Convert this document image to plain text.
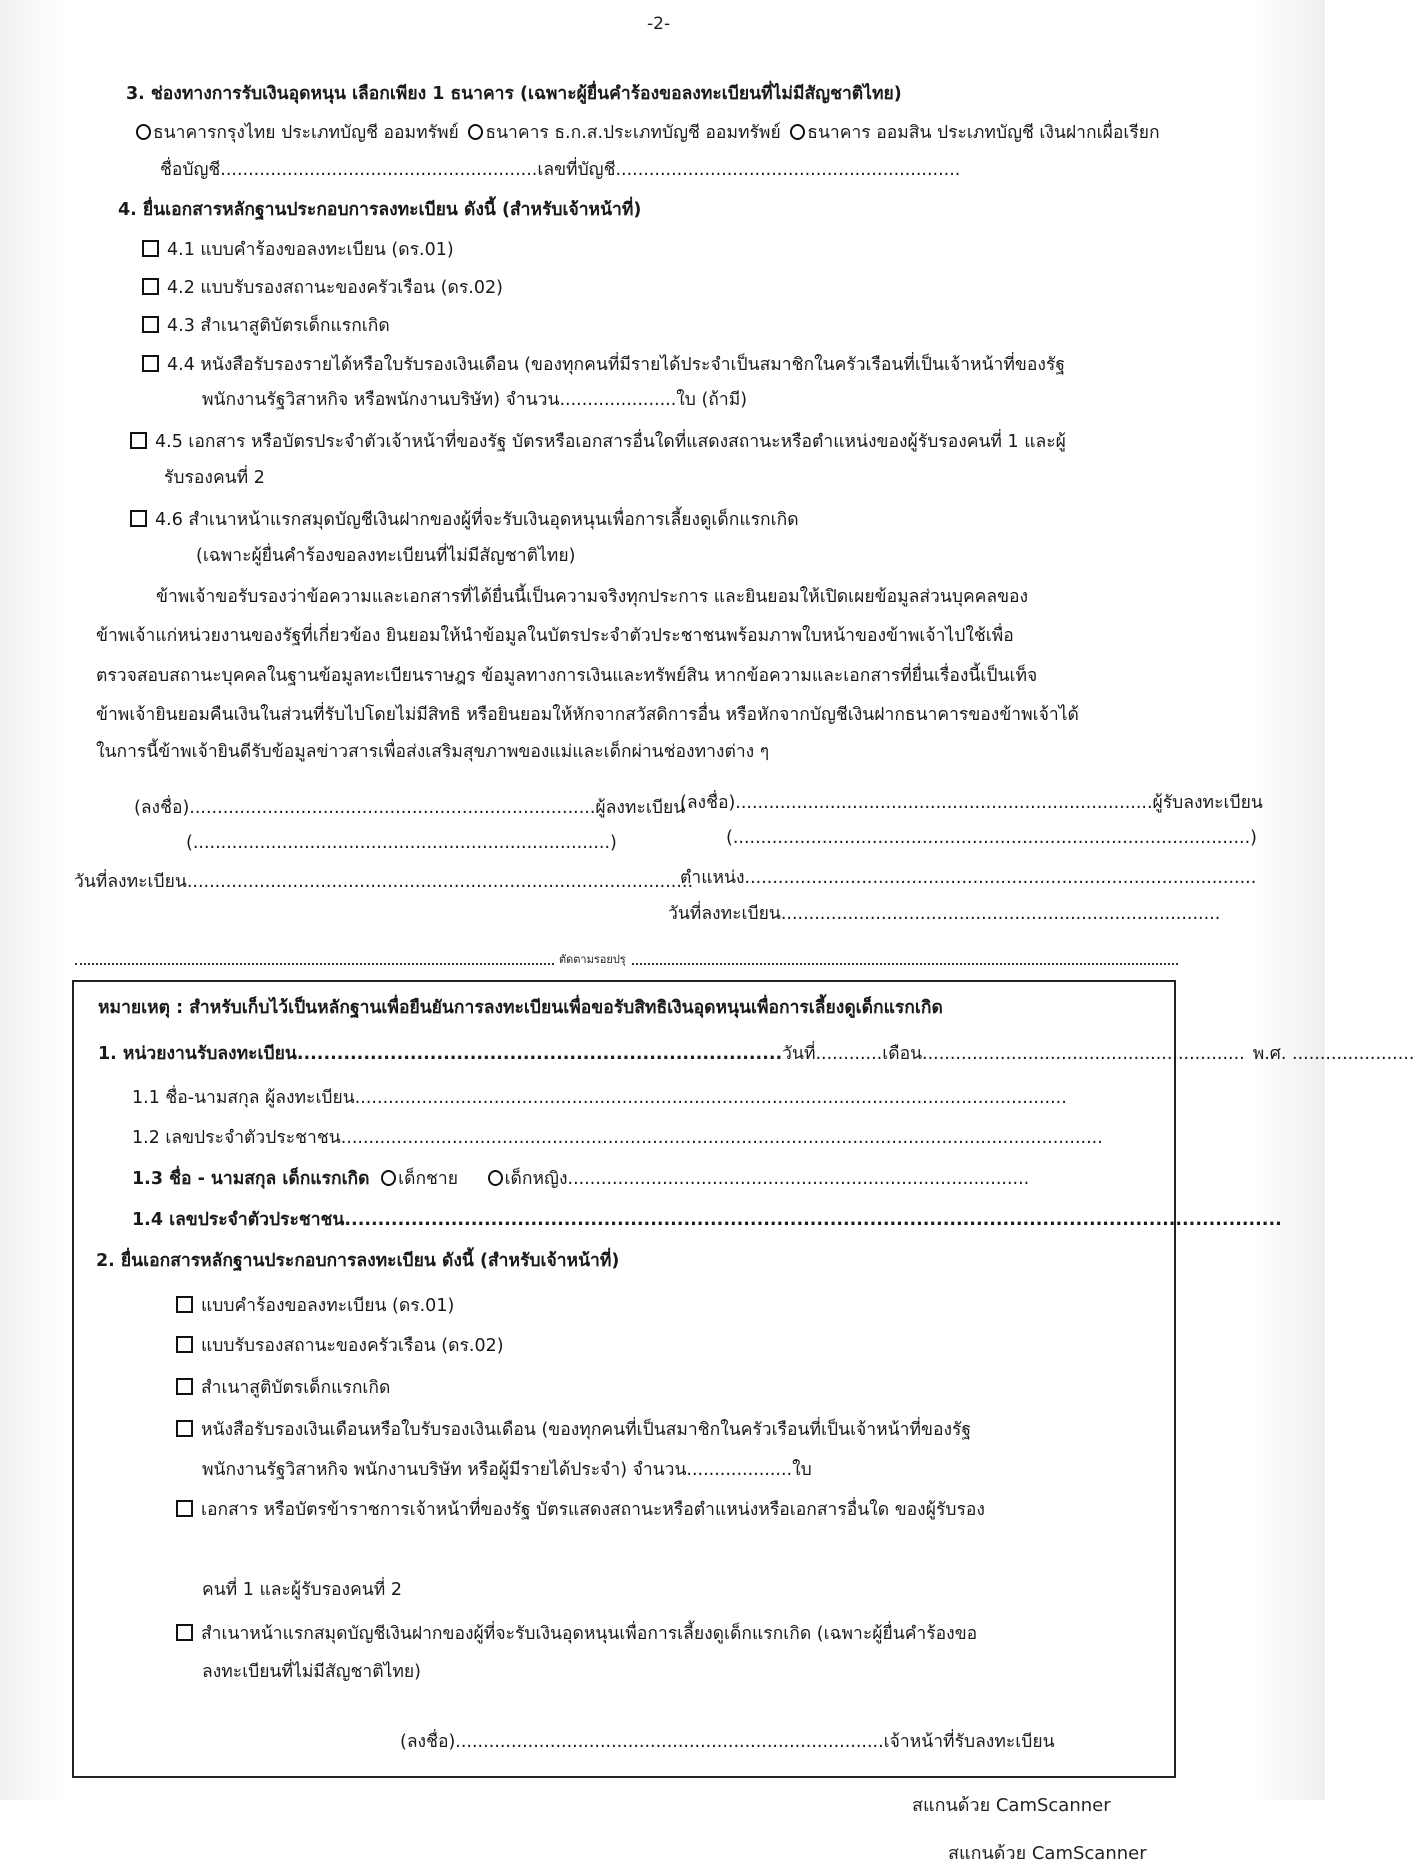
-2-
3. ช่องทางการรับเงินอุดหนุน เลือกเพียง 1 ธนาคาร (เฉพาะผู้ยื่นคำร้องขอลงทะเบียนที่ไม่มีสัญชาติไทย)
ธนาคารกรุงไทย ประเภทบัญชี ออมทรัพย์ ธนาคาร ธ.ก.ส.ประเภทบัญชี ออมทรัพย์ ธนาคาร ออมสิน ประเภทบัญชี เงินฝากเผื่อเรียก
ชื่อบัญชี.........................................................เลขที่บัญชี..............................................................
4. ยื่นเอกสารหลักฐานประกอบการลงทะเบียน ดังนี้ (สำหรับเจ้าหน้าที่)
4.1 แบบคำร้องขอลงทะเบียน (ดร.01)
4.2 แบบรับรองสถานะของครัวเรือน (ดร.02)
4.3 สำเนาสูติบัตรเด็กแรกเกิด
4.4 หนังสือรับรองรายได้หรือใบรับรองเงินเดือน (ของทุกคนที่มีรายได้ประจำเป็นสมาชิกในครัวเรือนที่เป็นเจ้าหน้าที่ของรัฐ
พนักงานรัฐวิสาหกิจ หรือพนักงานบริษัท) จำนวน.....................ใบ (ถ้ามี)
4.5 เอกสาร หรือบัตรประจำตัวเจ้าหน้าที่ของรัฐ บัตรหรือเอกสารอื่นใดที่แสดงสถานะหรือตำแหน่งของผู้รับรองคนที่ 1 และผู้
รับรองคนที่ 2
4.6 สำเนาหน้าแรกสมุดบัญชีเงินฝากของผู้ที่จะรับเงินอุดหนุนเพื่อการเลี้ยงดูเด็กแรกเกิด
(เฉพาะผู้ยื่นคำร้องขอลงทะเบียนที่ไม่มีสัญชาติไทย)
ข้าพเจ้าขอรับรองว่าข้อความและเอกสารที่ได้ยื่นนี้เป็นความจริงทุกประการ และยินยอมให้เปิดเผยข้อมูลส่วนบุคคลของ
ข้าพเจ้าแก่หน่วยงานของรัฐที่เกี่ยวข้อง ยินยอมให้นำข้อมูลในบัตรประจำตัวประชาชนพร้อมภาพใบหน้าของข้าพเจ้าไปใช้เพื่อ
ตรวจสอบสถานะบุคคลในฐานข้อมูลทะเบียนราษฎร ข้อมูลทางการเงินและทรัพย์สิน หากข้อความและเอกสารที่ยื่นเรื่องนี้เป็นเท็จ
ข้าพเจ้ายินยอมคืนเงินในส่วนที่รับไปโดยไม่มีสิทธิ หรือยินยอมให้หักจากสวัสดิการอื่น หรือหักจากบัญชีเงินฝากธนาคารของข้าพเจ้าได้
ในการนี้ข้าพเจ้ายินดีรับข้อมูลข่าวสารเพื่อส่งเสริมสุขภาพของแม่และเด็กผ่านช่องทางต่าง ๆ
(ลงชื่อ).........................................................................ผู้ลงทะเบียน
(...........................................................................)
วันที่ลงทะเบียน...........................................................................................
(ลงชื่อ)...........................................................................ผู้รับลงทะเบียน
(.............................................................................................)
ตำแหน่ง............................................................................................
วันที่ลงทะเบียน...............................................................................
ตัดตามรอยปรุ
หมายเหตุ : สำหรับเก็บไว้เป็นหลักฐานเพื่อยืนยันการลงทะเบียนเพื่อขอรับสิทธิเงินอุดหนุนเพื่อการเลี้ยงดูเด็กแรกเกิด
1. หน่วยงานรับลงทะเบียน.........................................................................วันที่............เดือน.......................................................... พ.ศ. ......................
1.1 ชื่อ-นามสกุล ผู้ลงทะเบียน................................................................................................................................
1.2 เลขประจำตัวประชาชน.........................................................................................................................................
1.3 ชื่อ - นามสกุล เด็กแรกเกิด เด็กชาย	เด็กหญิง...................................................................................
1.4 เลขประจำตัวประชาชน.............................................................................................................................................
2. ยื่นเอกสารหลักฐานประกอบการลงทะเบียน ดังนี้ (สำหรับเจ้าหน้าที่)
แบบคำร้องขอลงทะเบียน (ดร.01)
แบบรับรองสถานะของครัวเรือน (ดร.02)
สำเนาสูติบัตรเด็กแรกเกิด
หนังสือรับรองเงินเดือนหรือใบรับรองเงินเดือน (ของทุกคนที่เป็นสมาชิกในครัวเรือนที่เป็นเจ้าหน้าที่ของรัฐ
พนักงานรัฐวิสาหกิจ พนักงานบริษัท หรือผู้มีรายได้ประจำ) จำนวน...................ใบ
เอกสาร หรือบัตรข้าราชการเจ้าหน้าที่ของรัฐ บัตรแสดงสถานะหรือตำแหน่งหรือเอกสารอื่นใด ของผู้รับรอง
คนที่ 1 และผู้รับรองคนที่ 2
สำเนาหน้าแรกสมุดบัญชีเงินฝากของผู้ที่จะรับเงินอุดหนุนเพื่อการเลี้ยงดูเด็กแรกเกิด (เฉพาะผู้ยื่นคำร้องขอ
ลงทะเบียนที่ไม่มีสัญชาติไทย)
(ลงชื่อ).............................................................................เจ้าหน้าที่รับลงทะเบียน
สแกนด้วย CamScanner
สแกนด้วย CamScanner
